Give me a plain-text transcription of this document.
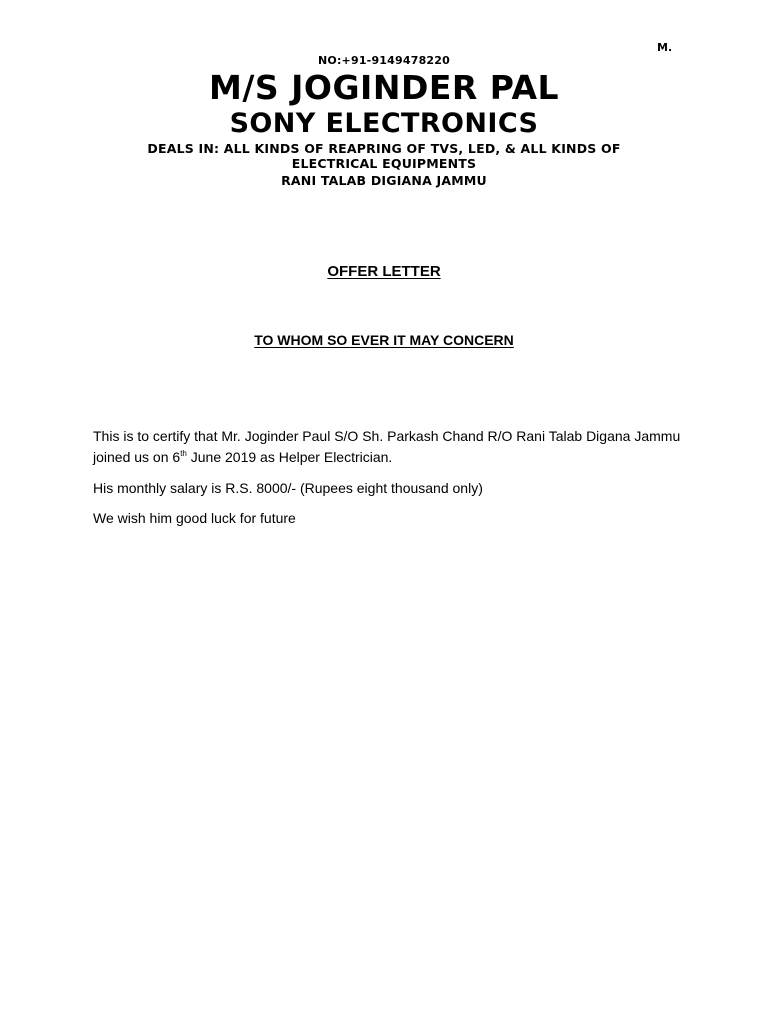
M.
NO:+91-9149478220
M/S JOGINDER PAL
SONY ELECTRONICS
DEALS IN: ALL KINDS OF REAPRING OF TVS, LED, & ALL KINDS OF ELECTRICAL EQUIPMENTS
RANI TALAB DIGIANA JAMMU
OFFER LETTER
TO WHOM SO EVER IT MAY CONCERN
This is to certify that Mr. Joginder Paul S/O Sh. Parkash Chand R/O Rani Talab Digana Jammu joined us on 6th June 2019 as Helper Electrician.
His monthly salary is R.S. 8000/- (Rupees eight thousand only)
We wish him good luck for future
